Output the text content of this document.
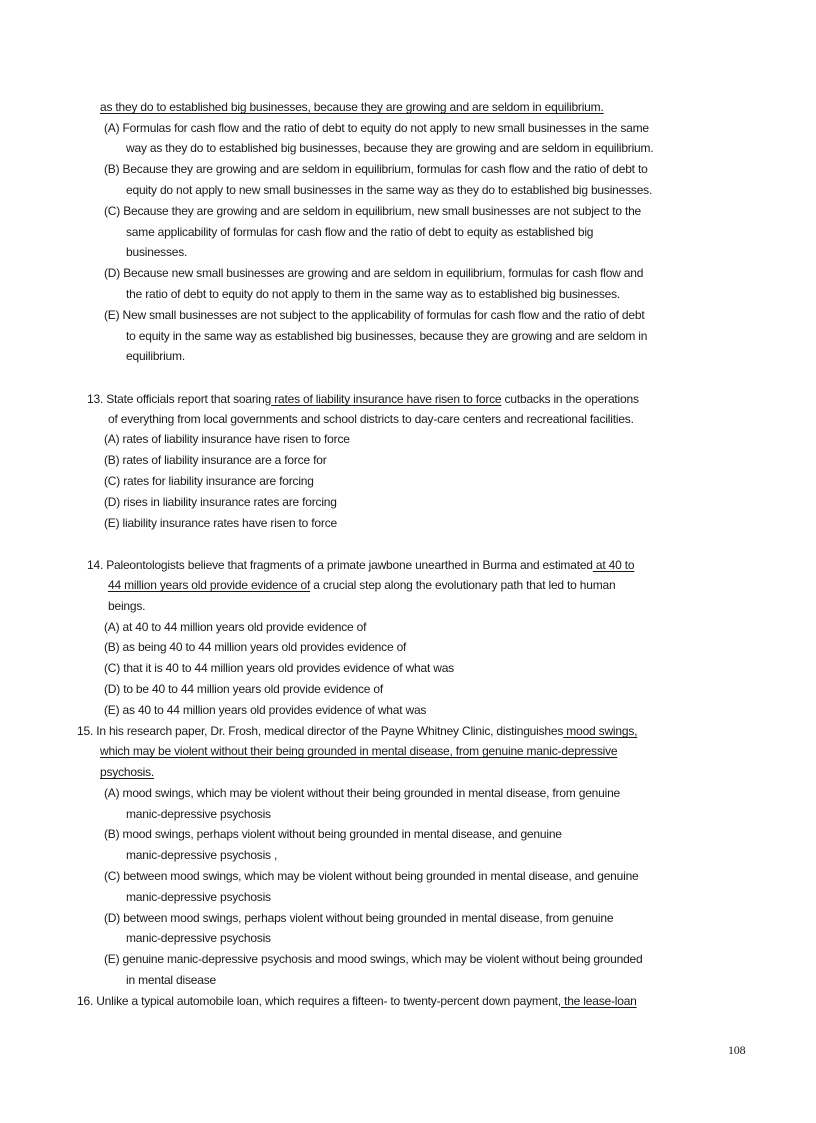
as they do to established big businesses, because they are growing and are seldom in equilibrium.
(A) Formulas for cash flow and the ratio of debt to equity do not apply to new small businesses in the same
way as they do to established big businesses, because they are growing and are seldom in equilibrium.
(B) Because they are growing and are seldom in equilibrium, formulas for cash flow and the ratio of debt to
equity do not apply to new small businesses in the same way as they do to established big businesses.
(C) Because they are growing and are seldom in equilibrium, new small businesses are not subject to the
same applicability of formulas for cash flow and the ratio of debt to equity as established big
businesses.
(D) Because new small businesses are growing and are seldom in equilibrium, formulas for cash flow and
the ratio of debt to equity do not apply to them in the same way as to established big businesses.
(E) New small businesses are not subject to the applicability of formulas for cash flow and the ratio of debt
to equity in the same way as established big businesses, because they are growing and are seldom in
equilibrium.
13. State officials report that soaring rates of liability insurance have risen to force cutbacks in the operations
of everything from local governments and school districts to day-care centers and recreational facilities.
(A) rates of liability insurance have risen to force
(B) rates of liability insurance are a force for
(C) rates for liability insurance are forcing
(D) rises in liability insurance rates are forcing
(E) liability insurance rates have risen to force
14. Paleontologists believe that fragments of a primate jawbone unearthed in Burma and estimated at 40 to
44 million years old provide evidence of a crucial step along the evolutionary path that led to human
beings.
(A) at 40 to 44 million years old provide evidence of
(B) as being 40 to 44 million years old provides evidence of
(C) that it is 40 to 44 million years old provides evidence of what was
(D) to be 40 to 44 million years old provide evidence of
(E) as 40 to 44 million years old provides evidence of what was
15. In his research paper, Dr. Frosh, medical director of the Payne Whitney Clinic, distinguishes mood swings,
which may be violent without their being grounded in mental disease, from genuine manic-depressive
psychosis.
(A) mood swings, which may be violent without their being grounded in mental disease, from genuine
manic-depressive psychosis
(B) mood swings, perhaps violent without being grounded in mental disease, and genuine
manic-depressive psychosis ,
(C) between mood swings, which may be violent without being grounded in mental disease, and genuine
manic-depressive psychosis
(D) between mood swings, perhaps violent without being grounded in mental disease, from genuine
manic-depressive psychosis
(E) genuine manic-depressive psychosis and mood swings, which may be violent without being grounded
in mental disease
16. Unlike a typical automobile loan, which requires a fifteen- to twenty-percent down payment, the lease-loan
108
